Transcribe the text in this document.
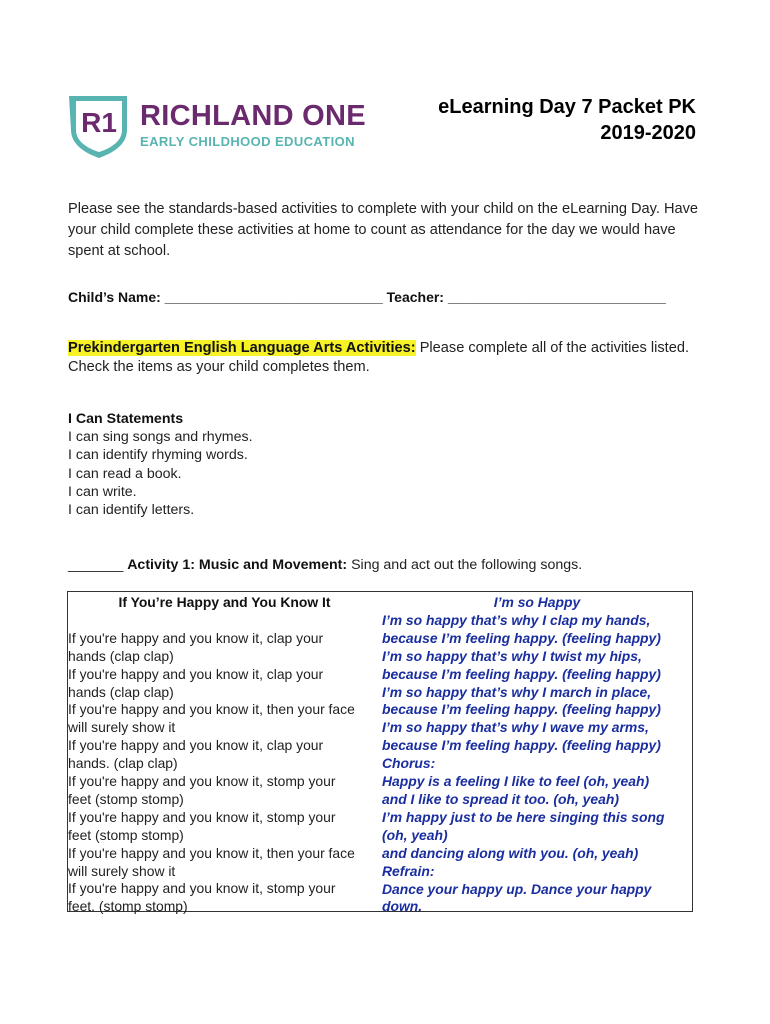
R1 RICHLAND ONE
EARLY CHILDHOOD EDUCATION
eLearning Day 7 Packet PK
2019-2020
Please see the standards-based activities to complete with your child on the eLearning Day. Have your child complete these activities at home to count as attendance for the day we would have spent at school.
Child’s Name: ____________________________ Teacher: ____________________________
Prekindergarten English Language Arts Activities: Please complete all of the activities listed. Check the items as your child completes them.
I Can Statements
I can sing songs and rhymes.
I can identify rhyming words.
I can read a book.
I can write.
I can identify letters.
_______ Activity 1: Music and Movement: Sing and act out the following songs.
If You’re Happy and You Know It
If you're happy and you know it, clap your
hands (clap clap)
If you're happy and you know it, clap your
hands (clap clap)
If you're happy and you know it, then your face
will surely show it
If you're happy and you know it, clap your
hands. (clap clap)
If you're happy and you know it, stomp your
feet (stomp stomp)
If you're happy and you know it, stomp your
feet (stomp stomp)
If you're happy and you know it, then your face
will surely show it
If you're happy and you know it, stomp your
feet. (stomp stomp)
I’m so Happy
I’m so happy that’s why I clap my hands,
because I’m feeling happy. (feeling happy)
I’m so happy that’s why I twist my hips,
because I’m feeling happy. (feeling happy)
I’m so happy that’s why I march in place,
because I’m feeling happy. (feeling happy)
I’m so happy that’s why I wave my arms,
because I’m feeling happy. (feeling happy)
Chorus:
Happy is a feeling I like to feel (oh, yeah)
and I like to spread it too. (oh, yeah)
I’m happy just to be here singing this song
(oh, yeah)
and dancing along with you. (oh, yeah)
Refrain:
Dance your happy up. Dance your happy
down.
